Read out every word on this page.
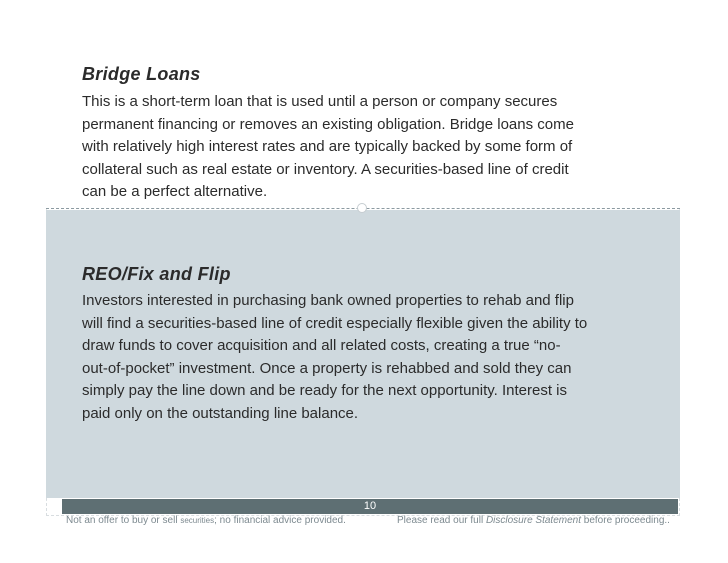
Bridge Loans
This is a short-term loan that is used until a person or company secures
permanent financing or removes an existing obligation. Bridge loans come
with relatively high interest rates and are typically backed by some form of
collateral such as real estate or inventory. A securities-based line of credit
can be a perfect alternative.
REO/Fix and Flip
Investors interested in purchasing bank owned properties to rehab and flip
will find a securities-based line of credit especially flexible given the ability to
draw funds to cover acquisition and all related costs, creating a true “no-
out-of-pocket” investment. Once a property is rehabbed and sold they can
simply pay the line down and be ready for the next opportunity. Interest is
paid only on the outstanding line balance.
10
Not an offer to buy or sell securities; no financial advice provided.	Please read our full Disclosure Statement before proceeding..
